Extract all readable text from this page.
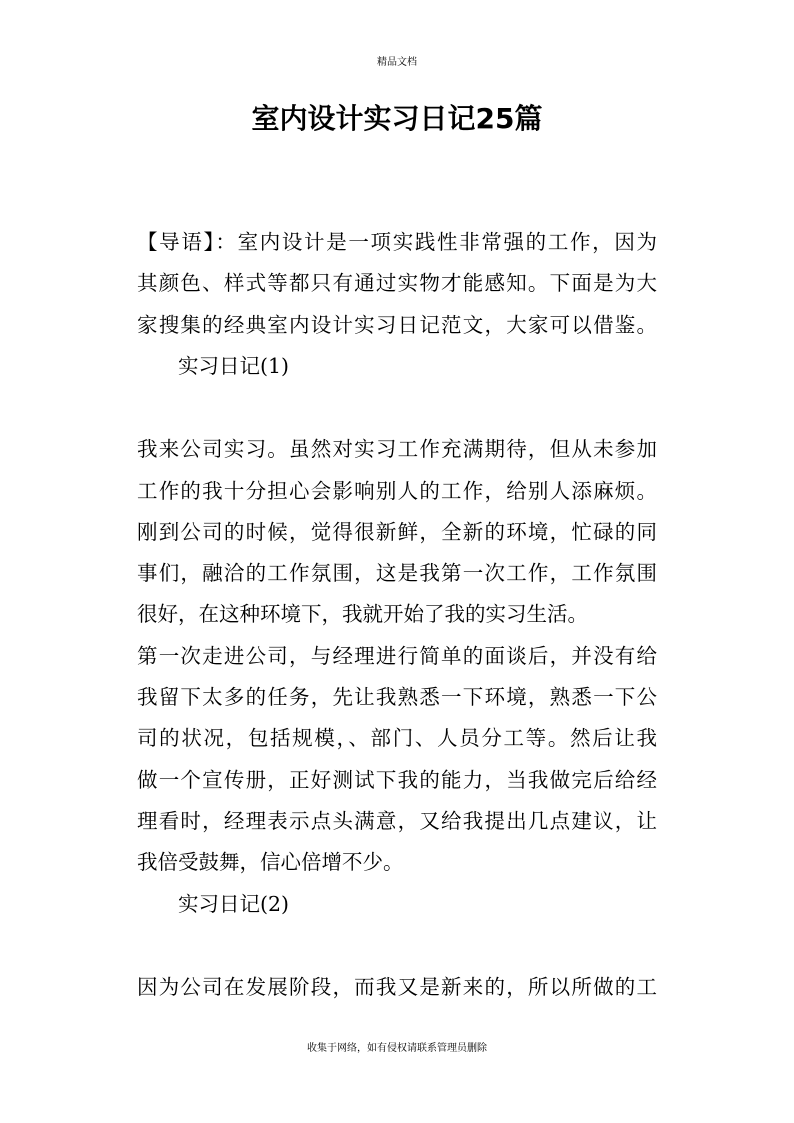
精品文档
室内设计实习日记25篇
【导语】：室内设计是一项实践性非常强的工作，因为
其颜色、样式等都只有通过实物才能感知。下面是为大
家搜集的经典室内设计实习日记范文，大家可以借鉴。
实习日记(1)
我来公司实习。虽然对实习工作充满期待，但从未参加
工作的我十分担心会影响别人的工作，给别人添麻烦。
刚到公司的时候，觉得很新鲜，全新的环境，忙碌的同
事们，融洽的工作氛围，这是我第一次工作，工作氛围
很好，在这种环境下，我就开始了我的实习生活。
第一次走进公司，与经理进行简单的面谈后，并没有给
我留下太多的任务，先让我熟悉一下环境，熟悉一下公
司的状况，包括规模，、部门、人员分工等。然后让我
做一个宣传册，正好测试下我的能力，当我做完后给经
理看时，经理表示点头满意，又给我提出几点建议，让
我倍受鼓舞，信心倍增不少。
实习日记(2)
因为公司在发展阶段，而我又是新来的，所以所做的工
收集于网络，如有侵权请联系管理员删除
